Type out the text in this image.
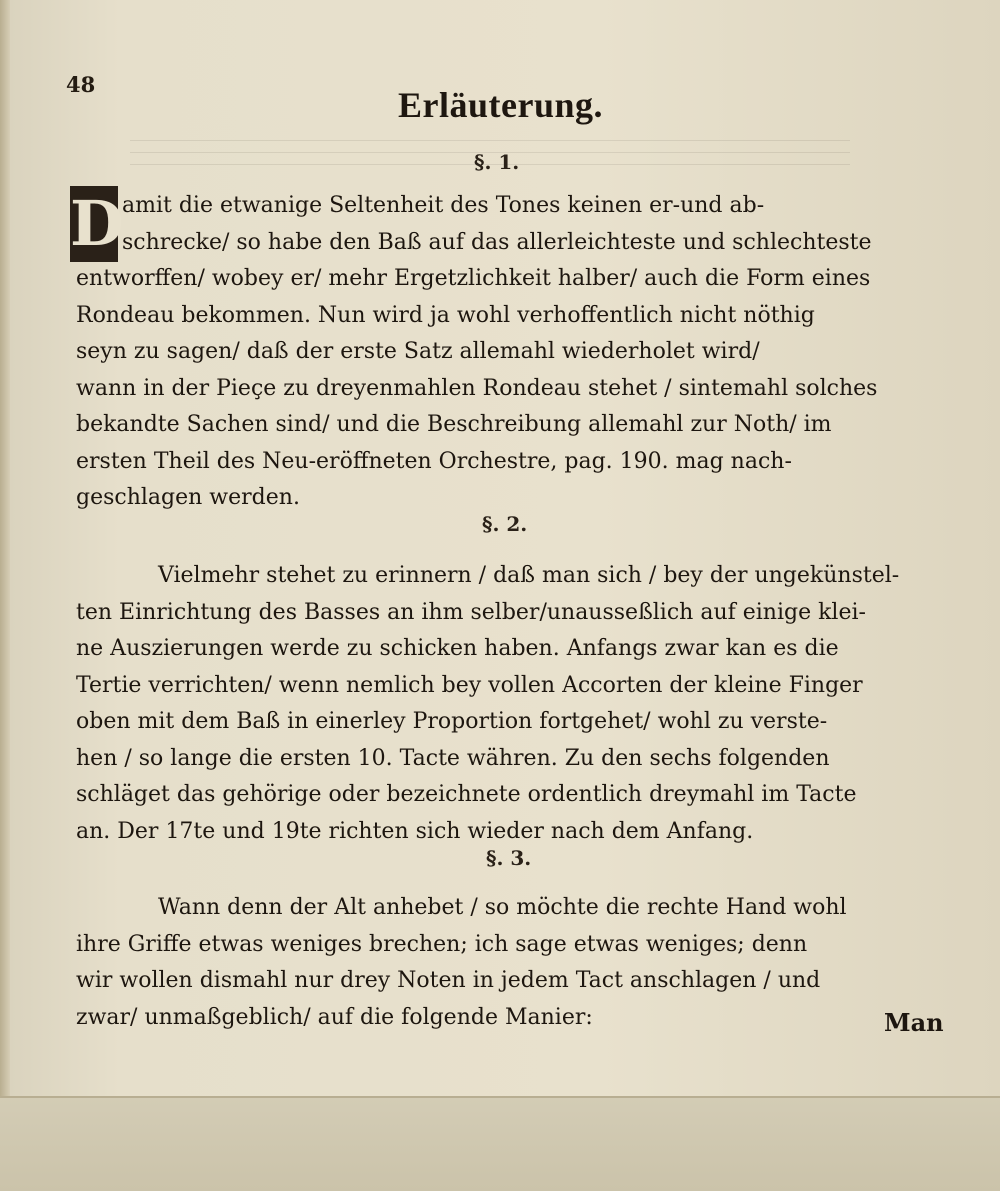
48
Erläuterung.
§. 1.
D
amit die etwanige Seltenheit des Tones keinen er-und ab-
schrecke/ so habe den Baß auf das allerleichteste und schlechteste
entworffen/ wobey er/ mehr Ergetzlichkeit halber/ auch die Form eines
Rondeau bekommen. Nun wird ja wohl verhoffentlich nicht nöthig
seyn zu sagen/ daß der erste Satz allemahl wiederholet wird/
wann in der Pieçe zu dreyenmahlen Rondeau stehet / sintemahl solches
bekandte Sachen sind/ und die Beschreibung allemahl zur Noth/ im
ersten Theil des Neu-eröffneten Orchestre, pag. 190. mag nach-
geschlagen werden.
§. 2.
Vielmehr stehet zu erinnern / daß man sich / bey der ungekünstel-
ten Einrichtung des Basses an ihm selber/unausseßlich auf einige klei-
ne Auszierungen werde zu schicken haben. Anfangs zwar kan es die
Tertie verrichten/ wenn nemlich bey vollen Accorten der kleine Finger
oben mit dem Baß in einerley Proportion fortgehet/ wohl zu verste-
hen / so lange die ersten 10. Tacte währen. Zu den sechs folgenden
schläget das gehörige oder bezeichnete ordentlich dreymahl im Tacte
an. Der 17te und 19te richten sich wieder nach dem Anfang.
§. 3.
Wann denn der Alt anhebet / so möchte die rechte Hand wohl
ihre Griffe etwas weniges brechen; ich sage etwas weniges; denn
wir wollen dismahl nur drey Noten in jedem Tact anschlagen / und
zwar/ unmaßgeblich/ auf die folgende Manier:	Man
